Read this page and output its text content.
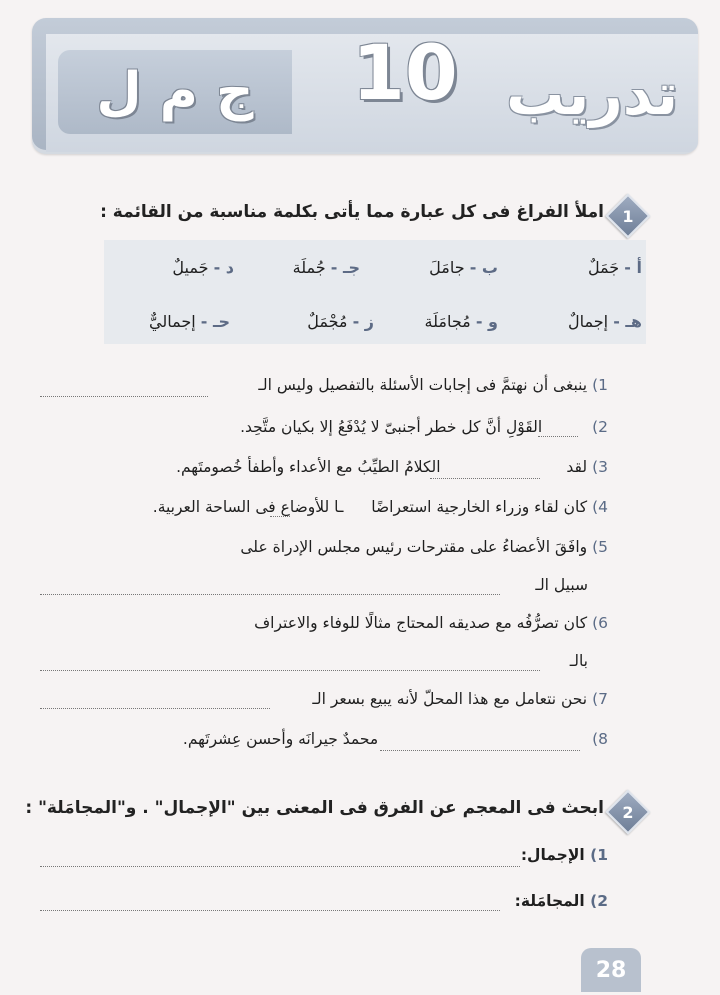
ج م ل 10 تدريب
1
املأ الفراغ فى كل عبارة مما يأتى بكلمة مناسبة من القائمة :
أ - جَمَلٌ
ب - جامَلَ
جـ - جُملَة
د - جَميلٌ
هـ - إجمالٌ
و - مُجامَلَة
ز - مُجْمَلٌ
حـ - إجماليٌّ
1) ينبغى أن نهتمَّ فى إجابات الأسئلة بالتفصيل وليس الـ
2)  القَوْلِ أنَّ كل خطر أجنبىّ لا يُدْفَعُ إلا بكيان متَّحِد.
3) لقد  الكلامُ الطيِّبُ مع الأعداء وأطفأ خُصومتَهم.
4) كان لقاء وزراء الخارجية استعراضًا  ـا للأوضاع فى الساحة العربية.
5) وافَقَ الأعضاءُ على مقترحات رئيس مجلس الإدراة على
سبيل الـ
6) كان تصرُّفُه مع صديقه المحتاج مثالًا للوفاء والاعتراف
بالـ
7) نحن نتعامل مع هذا المحلّ لأنه يبيع بسعر الـ
8)  محمدٌ جيرانَه وأحسن عِشرتَهم.
2
ابحث فى المعجم عن الفرق فى المعنى بين "الإجمال" . و"المجامَلة" :
1) الإجمال:
2) المجامَلة:
28
